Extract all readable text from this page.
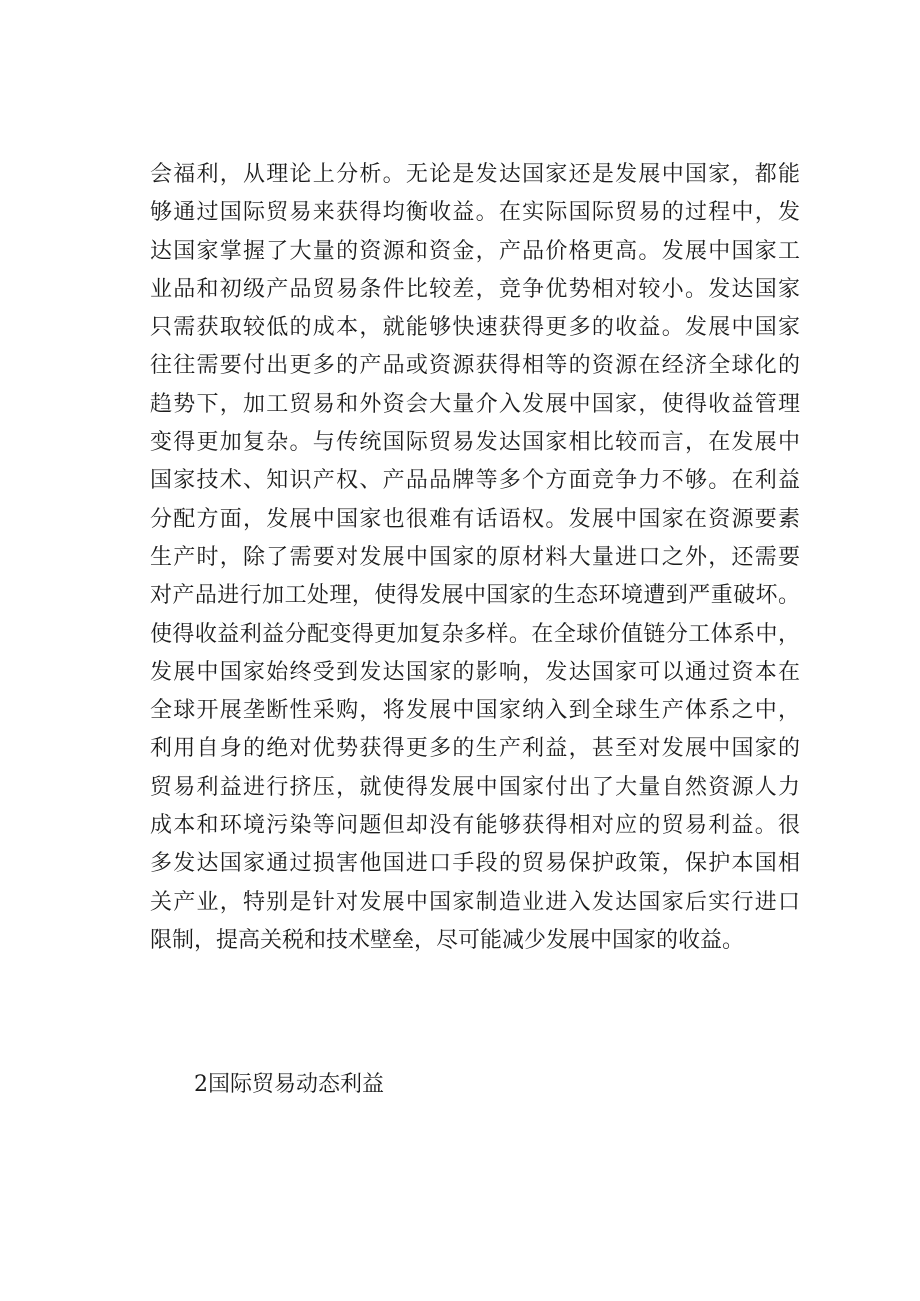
会福利，从理论上分析。无论是发达国家还是发展中国家，都能
够通过国际贸易来获得均衡收益。在实际国际贸易的过程中，发
达国家掌握了大量的资源和资金，产品价格更高。发展中国家工
业品和初级产品贸易条件比较差，竞争优势相对较小。发达国家
只需获取较低的成本，就能够快速获得更多的收益。发展中国家
往往需要付出更多的产品或资源获得相等的资源在经济全球化的
趋势下，加工贸易和外资会大量介入发展中国家，使得收益管理
变得更加复杂。与传统国际贸易发达国家相比较而言，在发展中
国家技术、知识产权、产品品牌等多个方面竞争力不够。在利益
分配方面，发展中国家也很难有话语权。发展中国家在资源要素
生产时，除了需要对发展中国家的原材料大量进口之外，还需要
对产品进行加工处理，使得发展中国家的生态环境遭到严重破坏。
使得收益利益分配变得更加复杂多样。在全球价值链分工体系中，
发展中国家始终受到发达国家的影响，发达国家可以通过资本在
全球开展垄断性采购，将发展中国家纳入到全球生产体系之中，
利用自身的绝对优势获得更多的生产利益，甚至对发展中国家的
贸易利益进行挤压，就使得发展中国家付出了大量自然资源人力
成本和环境污染等问题但却没有能够获得相对应的贸易利益。很
多发达国家通过损害他国进口手段的贸易保护政策，保护本国相
关产业，特别是针对发展中国家制造业进入发达国家后实行进口
限制，提高关税和技术壁垒，尽可能减少发展中国家的收益。
2国际贸易动态利益
